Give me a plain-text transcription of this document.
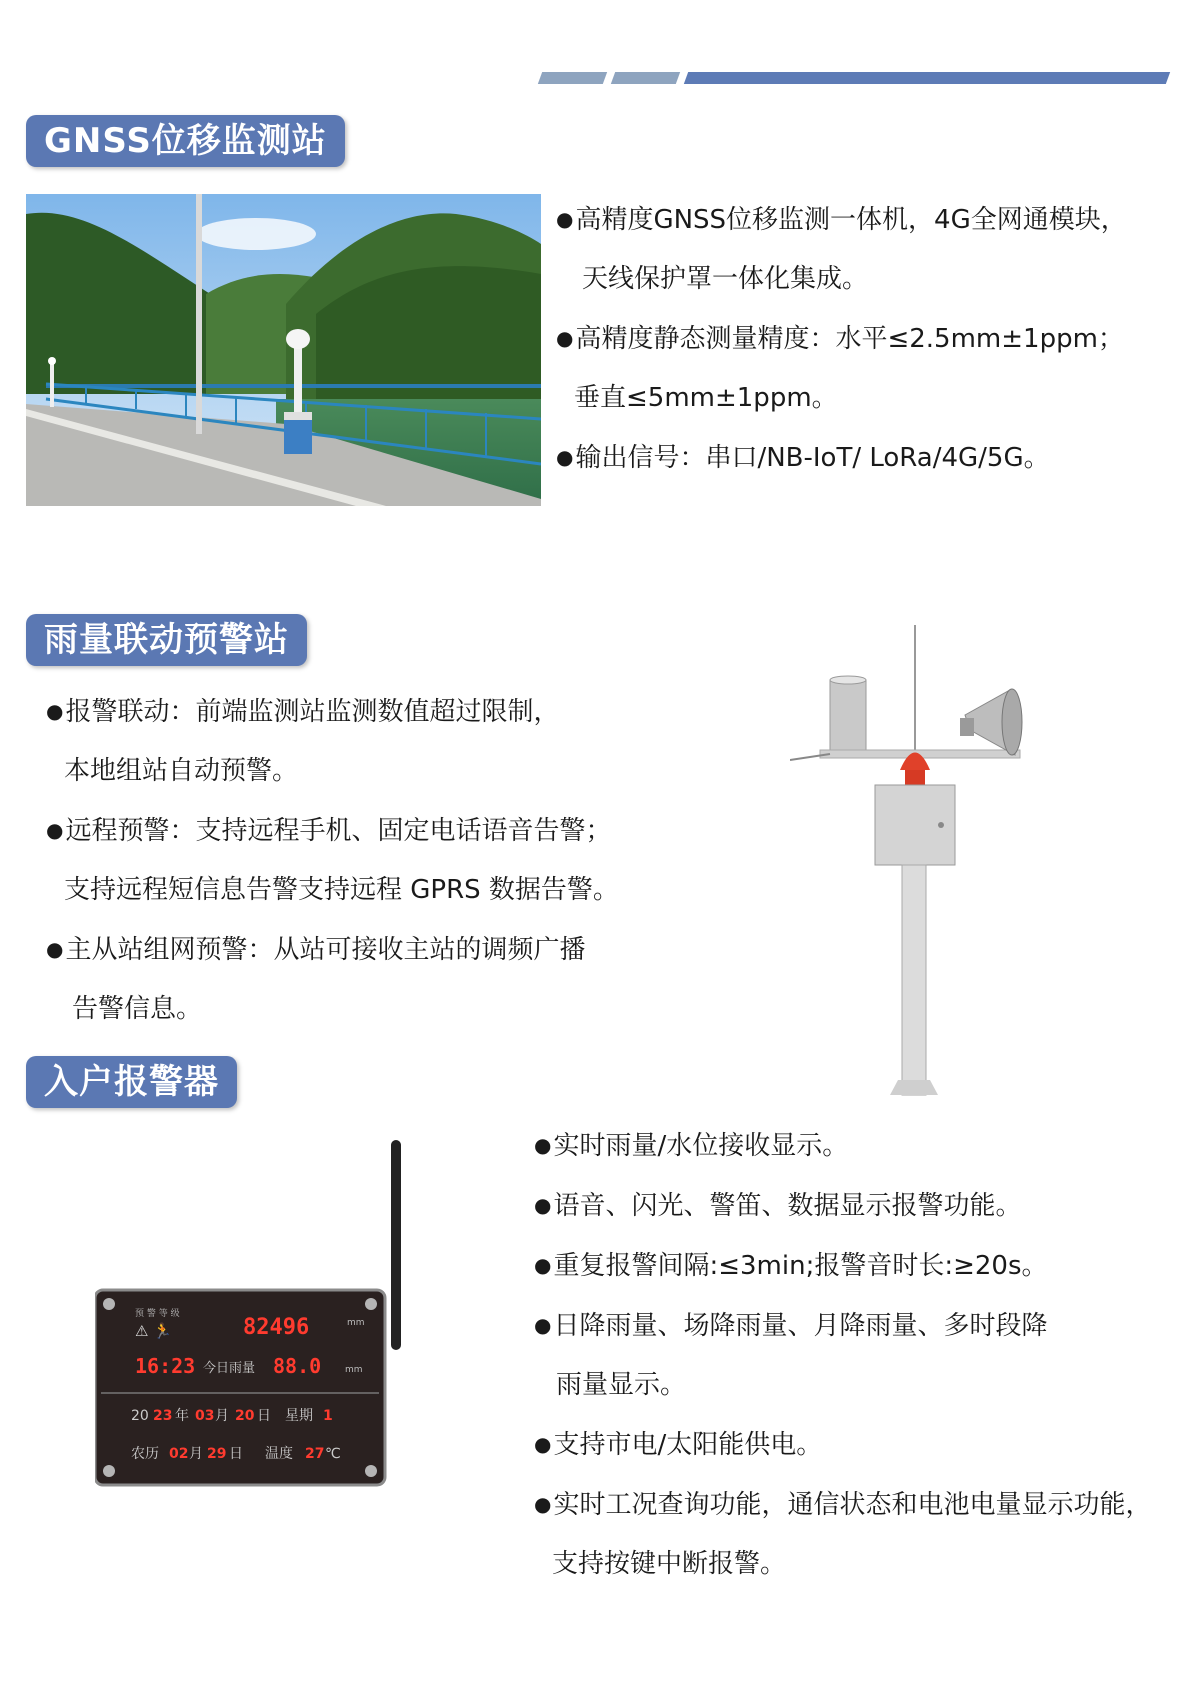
GNSS位移监测站
●高精度GNSS位移监测一体机，4G全网通模块，
天线保护罩一体化集成。
●高精度静态测量精度：水平≤2.5mm±1ppm；
垂直≤5mm±1ppm。
●输出信号：串口/NB-IoT/ LoRa/4G/5G。
雨量联动预警站
●报警联动：前端监测站监测数值超过限制，
本地组站自动预警。
●远程预警：支持远程手机、固定电话语音告警；
支持远程短信息告警支持远程 GPRS 数据告警。
●主从站组网预警：从站可接收主站的调频广播
告警信息。
入户报警器
●实时雨量/水位接收显示。
●语音、闪光、警笛、数据显示报警功能。
●重复报警间隔:≤3min;报警音时长:≥20s。
●日降雨量、场降雨量、月降雨量、多时段降
雨量显示。
●支持市电/太阳能供电。
●实时工况查询功能，通信状态和电池电量显示功能，
支持按键中断报警。
预 警 等 级
⚠ 🏃	82496	mm
16:23 今日雨量 88.0	mm
20 23 年 03 月 20 日 星期 1
农历 02 月 29 日 温度 27 ℃
